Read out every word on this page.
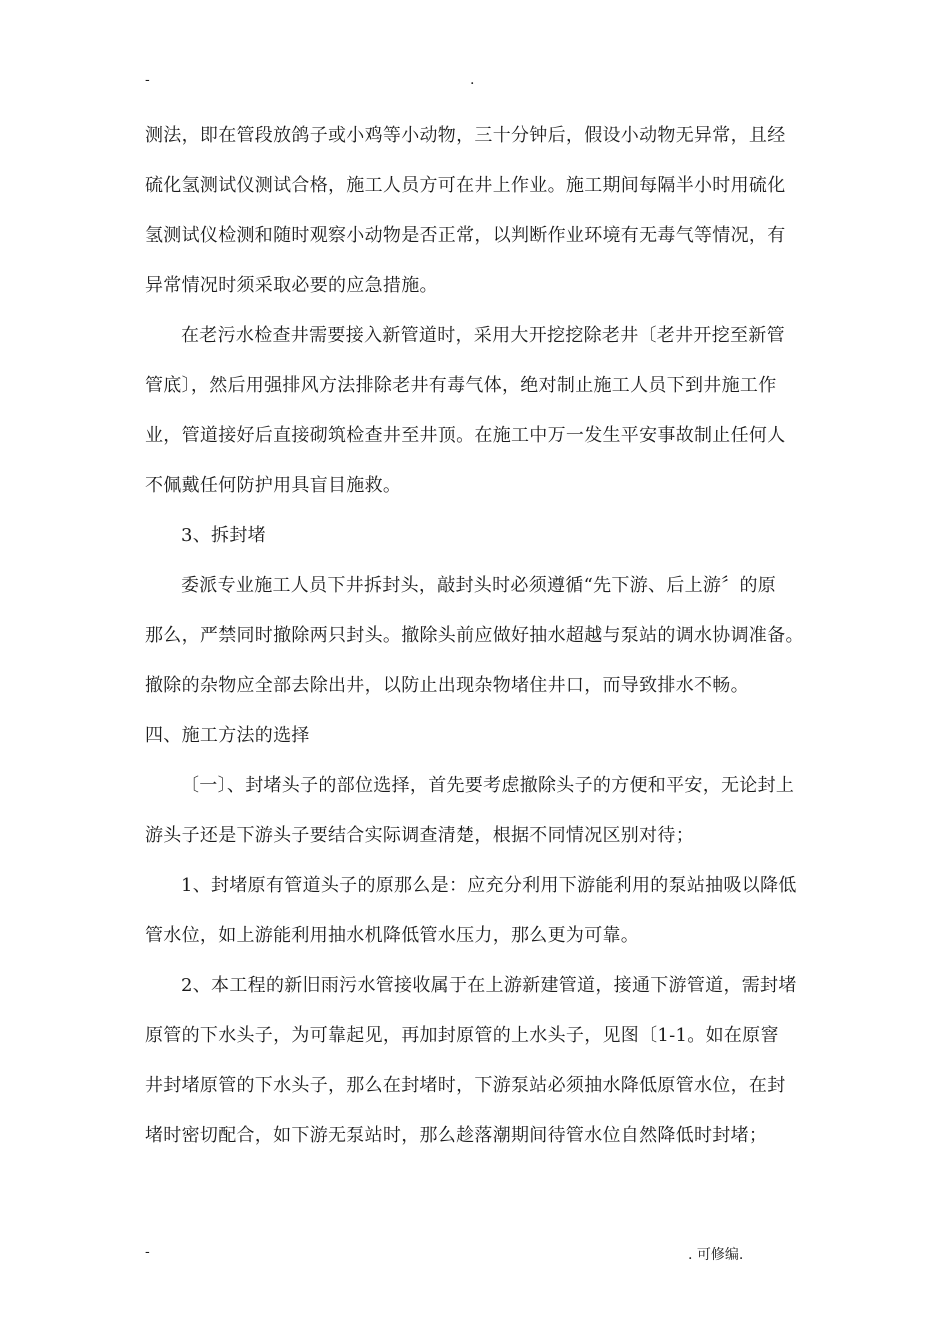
-	.
测法，即在管段放鸽子或小鸡等小动物，三十分钟后，假设小动物无异常，且经
硫化氢测试仪测试合格，施工人员方可在井上作业。施工期间每隔半小时用硫化
氢测试仪检测和随时观察小动物是否正常，以判断作业环境有无毒气等情况，有
异常情况时须采取必要的应急措施。
在老污水检查井需要接入新管道时，采用大开挖挖除老井〔老井开挖至新管
管底〕，然后用强排风方法排除老井有毒气体，绝对制止施工人员下到井施工作
业，管道接好后直接砌筑检查井至井顶。在施工中万一发生平安事故制止任何人
不佩戴任何防护用具盲目施救。
3、拆封堵
委派专业施工人员下井拆封头，敲封头时必须遵循“先下游、后上游〞的原
那么，严禁同时撤除两只封头。撤除头前应做好抽水超越与泵站的调水协调准备。
撤除的杂物应全部去除出井，以防止出现杂物堵住井口，而导致排水不畅。
四、施工方法的选择
〔一〕、封堵头子的部位选择，首先要考虑撤除头子的方便和平安，无论封上
游头子还是下游头子要结合实际调查清楚，根据不同情况区别对待；
1、封堵原有管道头子的原那么是：应充分利用下游能利用的泵站抽吸以降低
管水位，如上游能利用抽水机降低管水压力，那么更为可靠。
2、本工程的新旧雨污水管接收属于在上游新建管道，接通下游管道，需封堵
原管的下水头子，为可靠起见，再加封原管的上水头子，见图〔1-1。如在原窨
井封堵原管的下水头子，那么在封堵时，下游泵站必须抽水降低原管水位，在封
堵时密切配合，如下游无泵站时，那么趁落潮期间待管水位自然降低时封堵；
-	. 可修编.
